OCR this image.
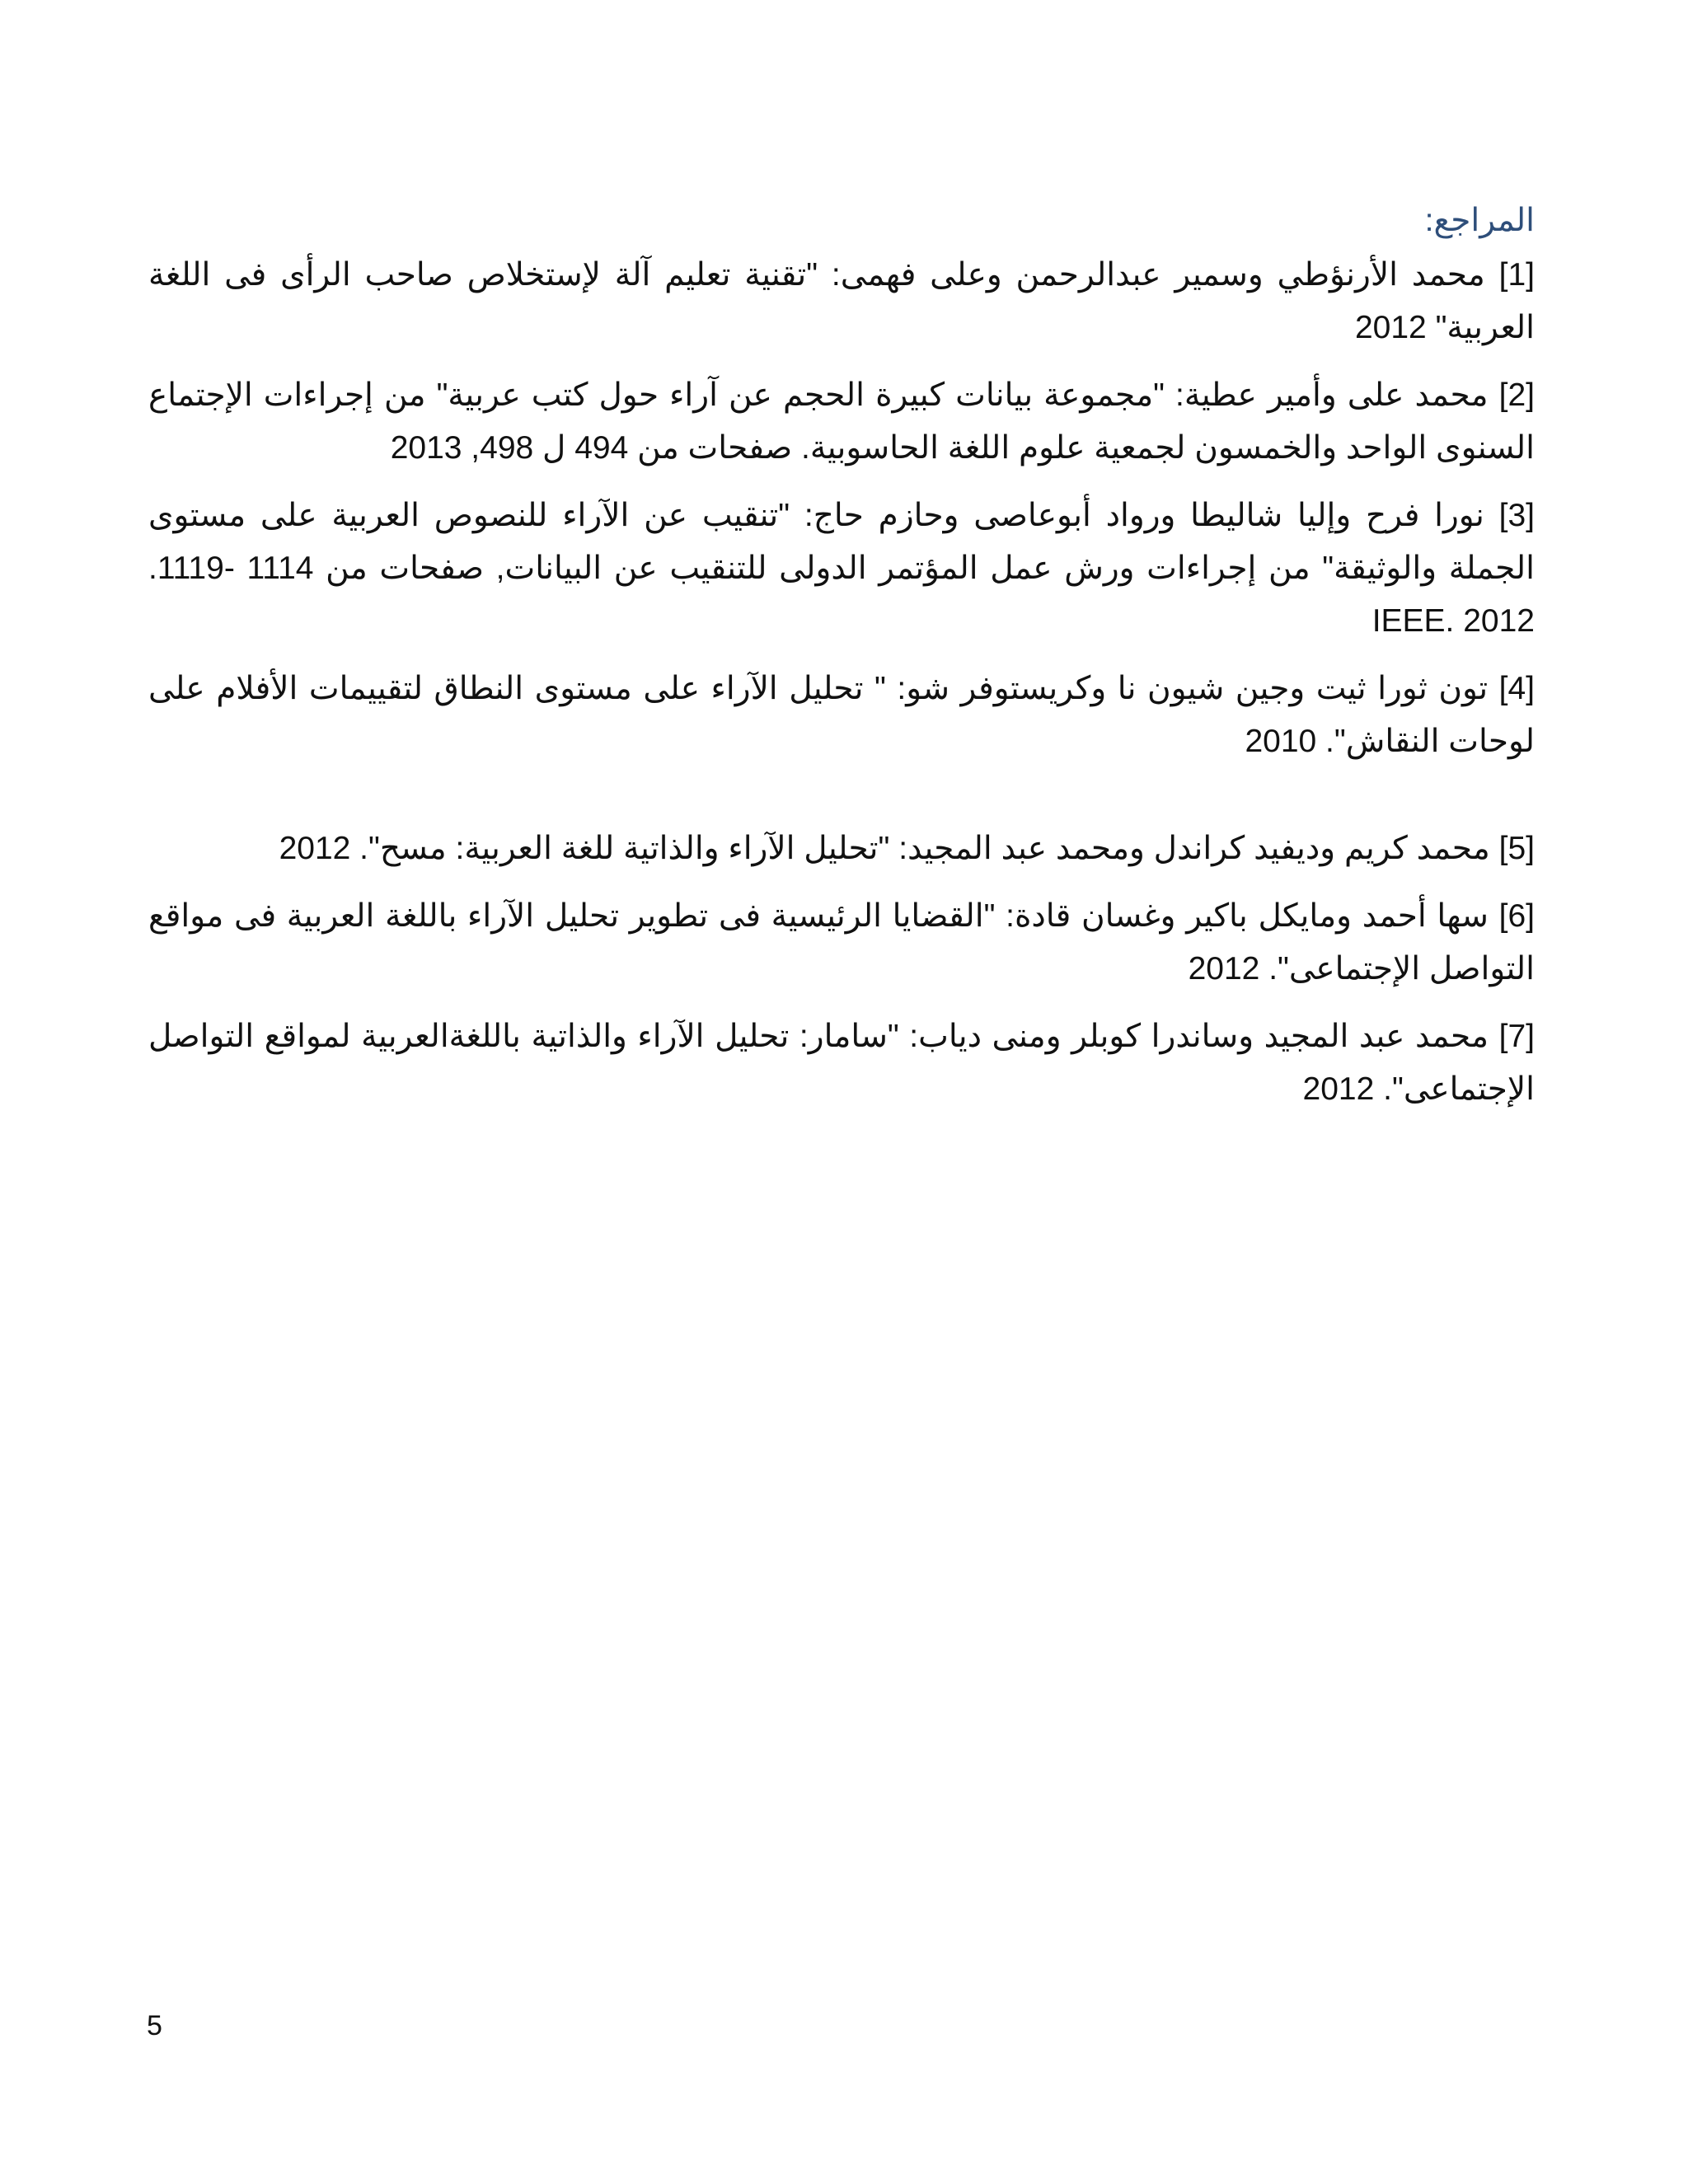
المراجع:

[1] محمد الأرنؤطي وسمير عبدالرحمن وعلى فهمى: "تقنية تعليم آلة لإستخلاص صاحب الرأى فى اللغة العربية" 2012

[2] محمد على وأمير عطية: "مجموعة بيانات كبيرة الحجم عن آراء حول كتب عربية" من إجراءات الإجتماع السنوى الواحد والخمسون لجمعية علوم اللغة الحاسوبية. صفحات من 494 ل 498, 2013

[3] نورا فرح وإليا شاليطا ورواد أبوعاصى وحازم حاج: "تنقيب عن الآراء للنصوص العربية على مستوى الجملة والوثيقة" من إجراءات ورش عمل المؤتمر الدولى للتنقيب عن البيانات, صفحات من 1114 -1119. IEEE. 2012

[4] تون ثورا ثيت وجين شيون نا وكريستوفر شو: " تحليل الآراء على مستوى النطاق لتقييمات الأفلام على لوحات النقاش". 2010

[5] محمد كريم وديفيد كراندل ومحمد عبد المجيد: "تحليل الآراء والذاتية للغة العربية: مسح". 2012

[6] سها أحمد ومايكل باكير وغسان قادة: "القضايا الرئيسية فى تطوير تحليل الآراء باللغة العربية فى مواقع التواصل الإجتماعى". 2012

[7] محمد عبد المجيد وساندرا كوبلر ومنى دياب: "سامار: تحليل الآراء والذاتية باللغةالعربية لمواقع التواصل الإجتماعى". 2012

5
